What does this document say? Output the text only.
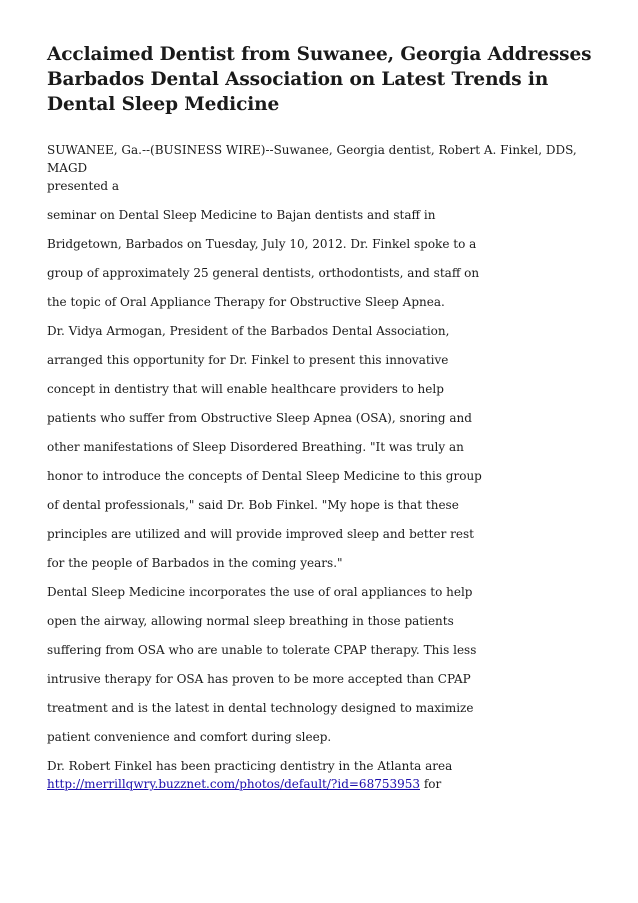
Acclaimed Dentist from Suwanee, Georgia Addresses Barbados Dental Association on Latest Trends in Dental Sleep Medicine
SUWANEE, Ga.--(BUSINESS WIRE)--Suwanee, Georgia dentist, Robert A. Finkel, DDS, MAGD
presented a
seminar on Dental Sleep Medicine to Bajan dentists and staff in
Bridgetown, Barbados on Tuesday, July 10, 2012. Dr. Finkel spoke to a
group of approximately 25 general dentists, orthodontists, and staff on
the topic of Oral Appliance Therapy for Obstructive Sleep Apnea.
Dr. Vidya Armogan, President of the Barbados Dental Association,
arranged this opportunity for Dr. Finkel to present this innovative
concept in dentistry that will enable healthcare providers to help
patients who suffer from Obstructive Sleep Apnea (OSA), snoring and
other manifestations of Sleep Disordered Breathing. "It was truly an
honor to introduce the concepts of Dental Sleep Medicine to this group
of dental professionals," said Dr. Bob Finkel. "My hope is that these
principles are utilized and will provide improved sleep and better rest
for the people of Barbados in the coming years."
Dental Sleep Medicine incorporates the use of oral appliances to help
open the airway, allowing normal sleep breathing in those patients
suffering from OSA who are unable to tolerate CPAP therapy. This less
intrusive therapy for OSA has proven to be more accepted than CPAP
treatment and is the latest in dental technology designed to maximize
patient convenience and comfort during sleep.
Dr. Robert Finkel has been practicing dentistry in the Atlanta area
http://merrillqwry.buzznet.com/photos/default/?id=68753953 for
